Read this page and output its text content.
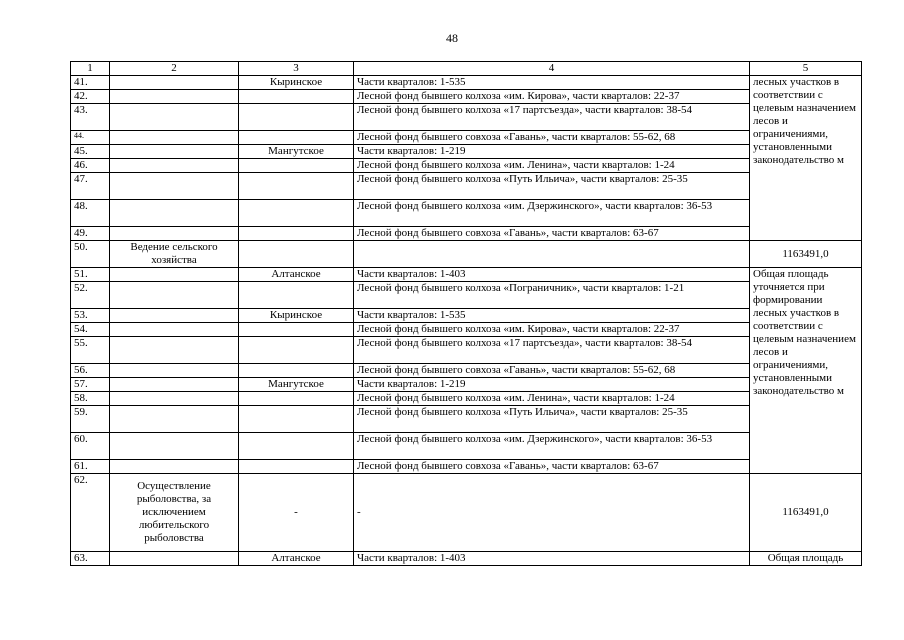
48
1	2	3	4	5
41.		Кыринское	Части кварталов: 1-535	лесных участков в соответствии с целевым назначением лесов и ограничениями, установленными законодательство м
42.			Лесной фонд бывшего колхоза «им. Кирова», части кварталов: 22-37	
43.			Лесной фонд бывшего колхоза «17 партсъезда», части кварталов: 38-54	
44.			Лесной фонд бывшего совхоза «Гавань», части кварталов: 55-62, 68	
45.		Мангутское	Части кварталов: 1-219	
46.			Лесной фонд бывшего колхоза «им. Ленина», части кварталов: 1-24	
47.			Лесной фонд бывшего колхоза «Путь Ильича», части кварталов: 25-35	
48.			Лесной фонд бывшего колхоза «им. Дзержинского», части кварталов: 36-53	
49.			Лесной фонд бывшего совхоза «Гавань», части кварталов: 63-67	
50.	Ведение сельского хозяйства			1163491,0
51.		Алтанское	Части кварталов: 1-403	Общая площадь уточняется при формировании лесных участков в соответствии с целевым назначением лесов и ограничениями, установленными законодательство м
52.			Лесной фонд бывшего колхоза «Пограничник», части кварталов: 1-21	
53.		Кыринское	Части кварталов: 1-535	
54.			Лесной фонд бывшего колхоза «им. Кирова», части кварталов: 22-37	
55.			Лесной фонд бывшего колхоза «17 партсъезда», части кварталов: 38-54	
56.			Лесной фонд бывшего совхоза «Гавань», части кварталов: 55-62, 68	
57.		Мангутское	Части кварталов: 1-219	
58.			Лесной фонд бывшего колхоза «им. Ленина», части кварталов: 1-24	
59.			Лесной фонд бывшего колхоза «Путь Ильича», части кварталов: 25-35	
60.			Лесной фонд бывшего колхоза «им. Дзержинского», части кварталов: 36-53	
61.			Лесной фонд бывшего совхоза «Гавань», части кварталов: 63-67	
62.	Осуществление рыболовства, за исключением любительского рыболовства	-	-	1163491,0
63.		Алтанское	Части кварталов: 1-403	Общая площадь
